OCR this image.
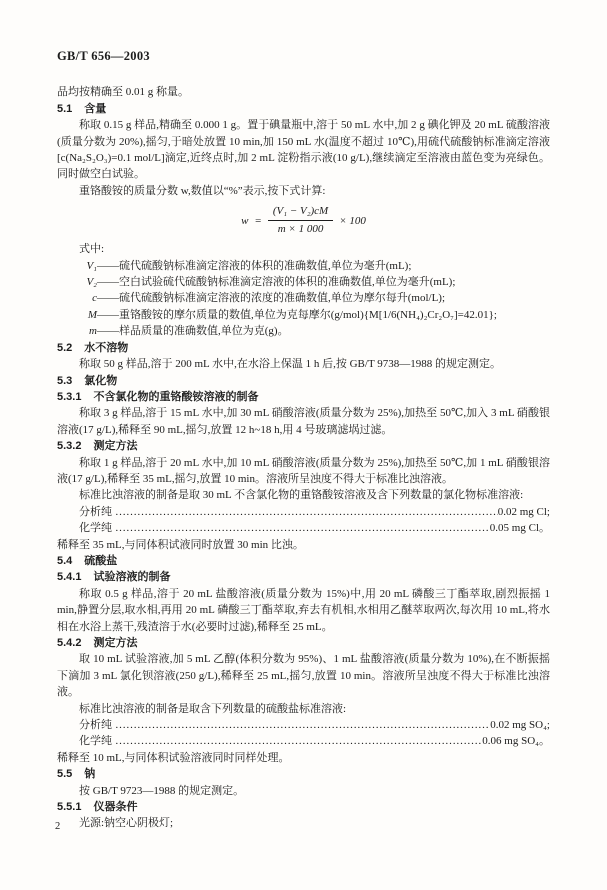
GB/T 656—2003

品均按精确至 0.01 g 称量。

5.1 含量

称取 0.15 g 样品,精确至 0.000 1 g。置于碘量瓶中,溶于 50 mL 水中,加 2 g 碘化钾及 20 mL 硫酸溶液(质量分数为 20%),摇匀,于暗处放置 10 min,加 150 mL 水(温度不超过 10℃),用硫代硫酸钠标准滴定溶液[c(Na₂S₂O₃)=0.1 mol/L]滴定,近终点时,加 2 mL 淀粉指示液(10 g/L),继续滴定至溶液由蓝色变为亮绿色。同时做空白试验。

重铬酸铵的质量分数 w,数值以“%”表示,按下式计算:

$w = \frac{\text{(V₁ − V₂)cM}}{m \times 1 000} \times 100$

式中:

V₁ ——硫代硫酸钠标准滴定溶液的体积的准确数值,单位为毫升(mL);
V₂ ——空白试验硫代硫酸钠标准滴定溶液的体积的准确数值,单位为毫升(mL);
c ——硫代硫酸钠标准滴定溶液的浓度的准确数值,单位为摩尔每升(mol/L);
M ——重铬酸铵的摩尔质量的数值,单位为克每摩尔(g/mol){M[1/6(NH₄)₂Cr₂O₇]=42.01};
m ——样品质量的准确数值,单位为克(g)。
5.2 水不溶物

称取 50 g 样品,溶于 200 mL 水中,在水浴上保温 1 h 后,按 GB/T 9738—1988 的规定测定。

5.3 氯化物
5.3.1 不含氯化物的重铬酸铵溶液的制备

称取 3 g 样品,溶于 15 mL 水中,加 30 mL 硝酸溶液(质量分数为 25%),加热至 50℃,加入 3 mL 硝酸银溶液(17 g/L),稀释至 90 mL,摇匀,放置 12 h~18 h,用 4 号玻璃滤埚过滤。

5.3.2 测定方法

称取 1 g 样品,溶于 20 mL 水中,加 10 mL 硝酸溶液(质量分数为 25%),加热至 50℃,加 1 mL 硝酸银溶液(17 g/L),稀释至 35 mL,摇匀,放置 10 min。溶液所呈浊度不得大于标准比浊溶液。

标准比浊溶液的制备是取 30 mL 不含氯化物的重铬酸铵溶液及含下列数量的氯化物标准溶液:

分析纯 ……………………………………………………………………………………………………………………………………………………	0.02 mg Cl;
化学纯 ……………………………………………………………………………………………………………………………………………………	0.05 mg Cl。

稀释至 35 mL,与同体积试液同时放置 30 min 比浊。

5.4 硫酸盐
5.4.1 试验溶液的制备

称取 0.5 g 样品,溶于 20 mL 盐酸溶液(质量分数为 15%)中,用 20 mL 磷酸三丁酯萃取,剧烈振摇 1 min,静置分层,取水相,再用 20 mL 磷酸三丁酯萃取,弃去有机相,水相用乙醚萃取两次,每次用 10 mL,将水相在水浴上蒸干,残渣溶于水(必要时过滤),稀释至 25 mL。

5.4.2 测定方法

取 10 mL 试验溶液,加 5 mL 乙醇(体积分数为 95%)、1 mL 盐酸溶液(质量分数为 10%),在不断振摇下滴加 3 mL 氯化钡溶液(250 g/L),稀释至 25 mL,摇匀,放置 10 min。溶液所呈浊度不得大于标准比浊溶液。

标准比浊溶液的制备是取含下列数量的硫酸盐标准溶液:

分析纯 ……………………………………………………………………………………………………………………………………………………	0.02 mg SO₄;
化学纯 ……………………………………………………………………………………………………………………………………………………	0.06 mg SO₄。

稀释至 10 mL,与同体积试验溶液同时同样处理。

5.5 钠

按 GB/T 9723—1988 的规定测定。

5.5.1 仪器条件

光源:钠空心阴极灯;

2
